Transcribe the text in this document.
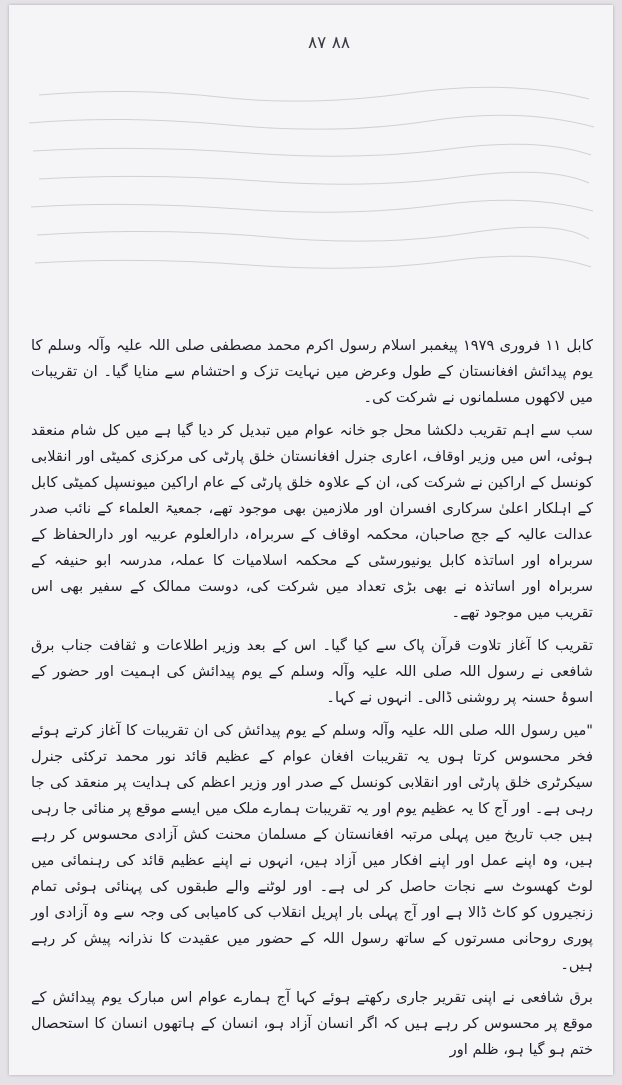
۸۷ ۸۸

کابل ۱۱ فروری ۱۹۷۹ پیغمبر اسلام رسول اکرم محمد مصطفی صلی اللہ علیہ وآلہ وسلم کا یوم پیدائش افغانستان کے طول وعرض میں نہایت تزک و احتشام سے منایا گیا۔ ان تقریبات میں لاکھوں مسلمانوں نے شرکت کی۔

سب سے اہم تقریب دلکشا محل جو خانہ عوام میں تبدیل کر دیا گیا ہے میں کل شام منعقد ہوئی، اس میں وزیر اوقاف، اعاری جنرل افغانستان خلق پارٹی کی مرکزی کمیٹی اور انقلابی کونسل کے اراکین نے شرکت کی، ان کے علاوہ خلق پارٹی کے عام اراکین میونسپل کمیٹی کابل کے اہلکار اعلیٰ سرکاری افسران اور ملازمین بھی موجود تھے، جمعیۃ العلماء کے نائب صدر عدالت عالیہ کے جج صاحبان، محکمہ اوقاف کے سربراہ، دارالعلوم عربیہ اور دارالحفاظ کے سربراہ اور اساتذہ کابل یونیورسٹی کے محکمہ اسلامیات کا عملہ، مدرسہ ابو حنیفہ کے سربراہ اور اساتذہ نے بھی بڑی تعداد میں شرکت کی، دوست ممالک کے سفیر بھی اس تقریب میں موجود تھے۔

تقریب کا آغاز تلاوت قرآن پاک سے کیا گیا۔ اس کے بعد وزیر اطلاعات و ثقافت جناب برق شافعی نے رسول اللہ صلی اللہ علیہ وآلہ وسلم کے یوم پیدائش کی اہمیت اور حضور کے اسوۂ حسنہ پر روشنی ڈالی۔ انہوں نے کہا۔

"میں رسول اللہ صلی اللہ علیہ وآلہ وسلم کے یوم پیدائش کی ان تقریبات کا آغاز کرتے ہوئے فخر محسوس کرتا ہوں یہ تقریبات افغان عوام کے عظیم قائد نور محمد ترکئی جنرل سیکرٹری خلق پارٹی اور انقلابی کونسل کے صدر اور وزیر اعظم کی ہدایت پر منعقد کی جا رہی ہے۔ اور آج کا یہ عظیم یوم اور یہ تقریبات ہمارے ملک میں ایسے موقع پر منائی جا رہی ہیں جب تاریخ میں پہلی مرتبہ افغانستان کے مسلمان محنت کش آزادی محسوس کر رہے ہیں، وہ اپنے عمل اور اپنے افکار میں آزاد ہیں، انہوں نے اپنے عظیم قائد کی رہنمائی میں لوٹ کھسوٹ سے نجات حاصل کر لی ہے۔ اور لوٹنے والے طبقوں کی پہنائی ہوئی تمام زنجیروں کو کاٹ ڈالا ہے اور آج پہلی بار اپریل انقلاب کی کامیابی کی وجہ سے وہ آزادی اور پوری روحانی مسرتوں کے ساتھ رسول اللہ کے حضور میں عقیدت کا نذرانہ پیش کر رہے ہیں۔

برق شافعی نے اپنی تقریر جاری رکھتے ہوئے کہا آج ہمارے عوام اس مبارک یوم پیدائش کے موقع پر محسوس کر رہے ہیں کہ اگر انسان آزاد ہو، انسان کے ہاتھوں انسان کا استحصال ختم ہو گیا ہو، ظلم اور
